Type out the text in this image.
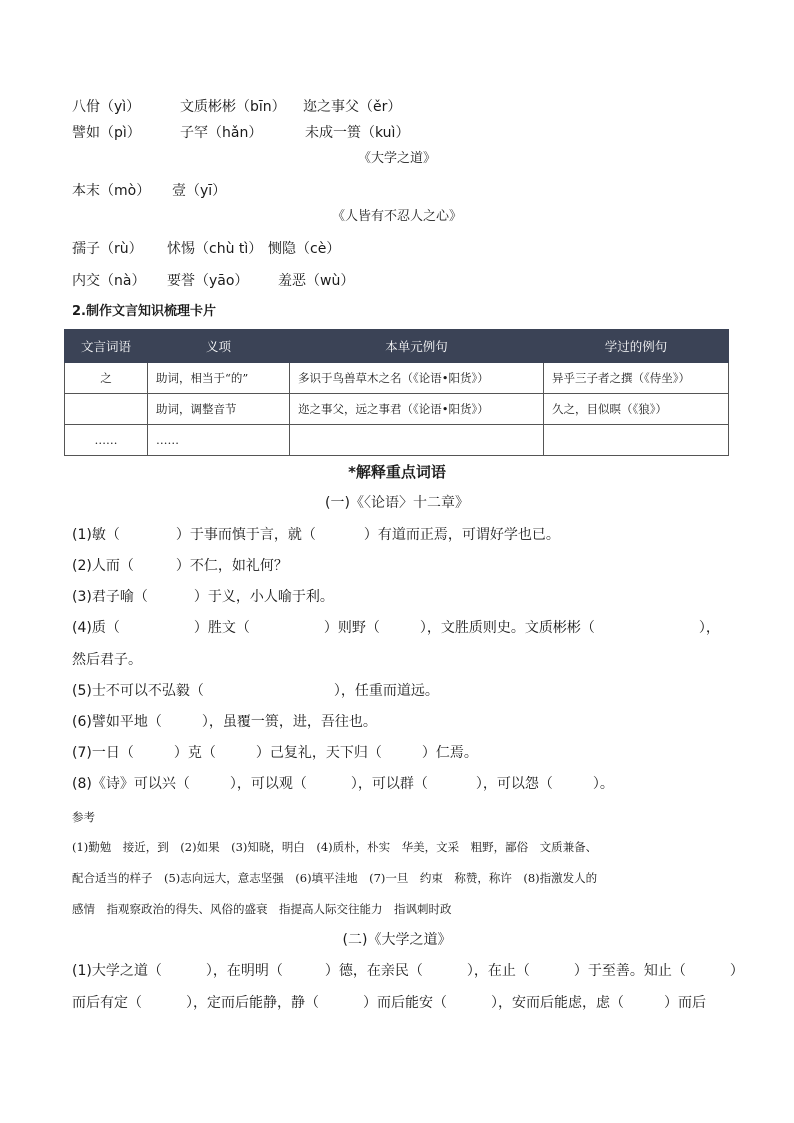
八佾（yì）	文质彬彬（bīn） 迩之事父（ěr）
譬如（pì）	子罕（hǎn）	未成一篑（kuì）
《大学之道》
本末（mò） 壹（yī）
《人皆有不忍人之心》
孺子（rù） 怵惕（chù tì） 恻隐（cè）
内交（nà） 要誉（yāo） 羞恶（wù）
2.制作文言知识梳理卡片
文言词语	义项	本单元例句	学过的例句
之	助词，相当于“的”	多识于鸟兽草木之名（《论语•阳货》）	异乎三子者之撰（《侍坐》）
	助词，调整音节	迩之事父，远之事君（《论语•阳货》）	久之，目似暝（《狼》）
……	……		
*解释重点词语
(一)《〈论语〉十二章》
(1)敏（	）于事而慎于言，就（	）有道而正焉，可谓好学也已。
(2)人而（	）不仁，如礼何？
(3)君子喻（	）于义，小人喻于利。
(4)质（	）胜文（	）则野（	），文胜质则史。文质彬彬（	），
然后君子。
(5)士不可以不弘毅（	），任重而道远。
(6)譬如平地（	），虽覆一篑，进，吾往也。
(7)一日（	）克（	）己复礼，天下归（	）仁焉。
(8)《诗》可以兴（	），可以观（	），可以群（	），可以怨（	）。
参考
(1)勤勉　接近，到　(2)如果　(3)知晓，明白　(4)质朴，朴实　华美，文采　粗野，鄙俗　文质兼备、
配合适当的样子　(5)志向远大，意志坚强　(6)填平洼地　(7)一旦　约束　称赞，称许　(8)指激发人的
感情　指观察政治的得失、风俗的盛衰　指提高人际交往能力　指讽刺时政
(二)《大学之道》
(1)大学之道（	），在明明（	）德，在亲民（	），在止（	）于至善。知止（	）
而后有定（	），定而后能静，静（	）而后能安（	），安而后能虑，虑（	）而后
